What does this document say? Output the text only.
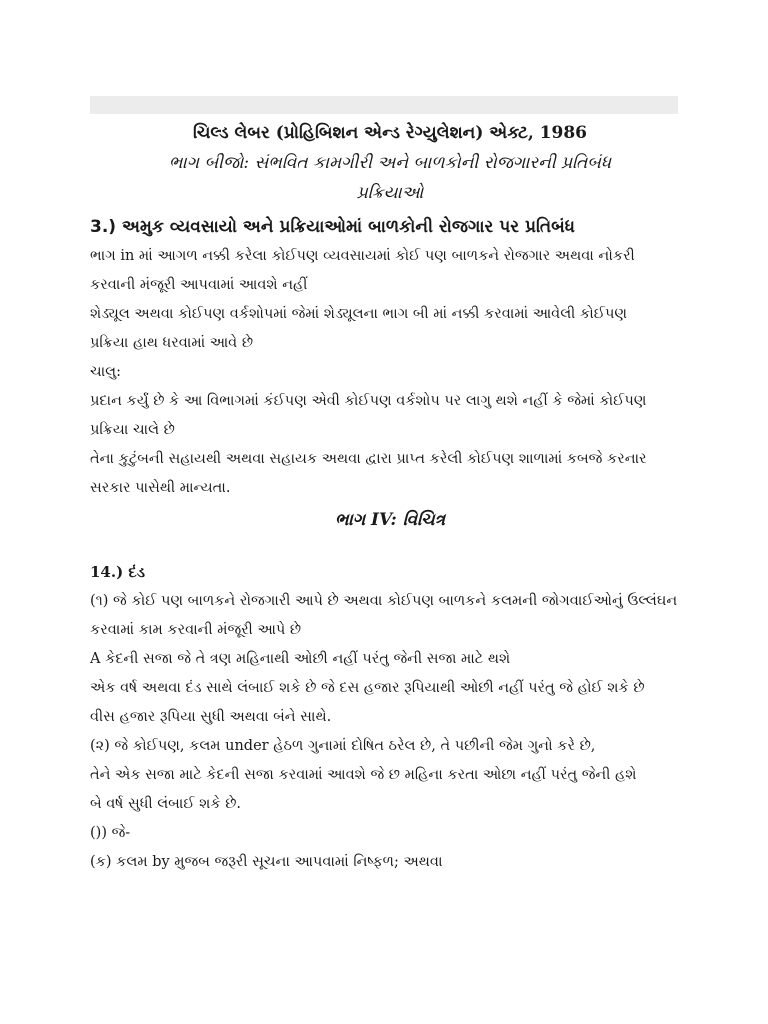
ચિલ્ડ લેબર (પ્રોહિબિશન એન્ડ રેગ્યુલેશન) એક્ટ, 1986

ભાગ બીજો: સંભવિત કામગીરી અને બાળકોની રોજગારની પ્રતિબંધ

પ્રક્રિયાઓ

3.) અમુક વ્યવસાયો અને પ્રક્રિયાઓમાં બાળકોની રોજગાર પર પ્રતિબંધ

ભાગ in માં આગળ નક્કી કરેલા કોઈપણ વ્યવસાયમાં કોઈ પણ બાળકને રોજગાર અથવા નોકરી

કરવાની મંજૂરી આપવામાં આવશે નહીં

શેડ્યૂલ અથવા કોઈપણ વર્કશોપમાં જેમાં શેડ્યૂલના ભાગ બી માં નક્કી કરવામાં આવેલી કોઈપણ

પ્રક્રિયા હાથ ધરવામાં આવે છે

ચાલુ:

પ્રદાન કર્યું છે કે આ વિભાગમાં કંઈપણ એવી કોઈપણ વર્કશોપ પર લાગુ થશે નહીં કે જેમાં કોઈપણ

પ્રક્રિયા ચાલે છે

તેના કુટુંબની સહાયથી અથવા સહાયક અથવા દ્વારા પ્રાપ્ત કરેલી કોઈપણ શાળામાં કબજે કરનાર

સરકાર પાસેથી માન્યતા.

ભાગ IV: વિચિત્ર

14.) દંડ

(૧) જે કોઈ પણ બાળકને રોજગારી આપે છે અથવા કોઈપણ બાળકને કલમની જોગવાઈઓનું ઉલ્લંઘન

કરવામાં કામ કરવાની મંજૂરી આપે છે

A કેદની સજા જે તે ત્રણ મહિનાથી ઓછી નહીં પરંતુ જેની સજા માટે થશે

એક વર્ષ અથવા દંડ સાથે લંબાઈ શકે છે જે દસ હજાર રૂપિયાથી ઓછી નહીં પરંતુ જે હોઈ શકે છે

વીસ હજાર રૂપિયા સુધી અથવા બંને સાથે.

(૨) જે કોઈપણ, કલમ under હેઠળ ગુનામાં દોષિત ઠરેલ છે, તે પછીની જેમ ગુનો કરે છે,

તેને એક સજા માટે કેદની સજા કરવામાં આવશે જે છ મહિના કરતા ઓછા નહીં પરંતુ જેની હશે

બે વર્ષ સુધી લંબાઈ શકે છે.

()) જે-

(ક) કલમ by મુજબ જરૂરી સૂચના આપવામાં નિષ્ફળ; અથવા
